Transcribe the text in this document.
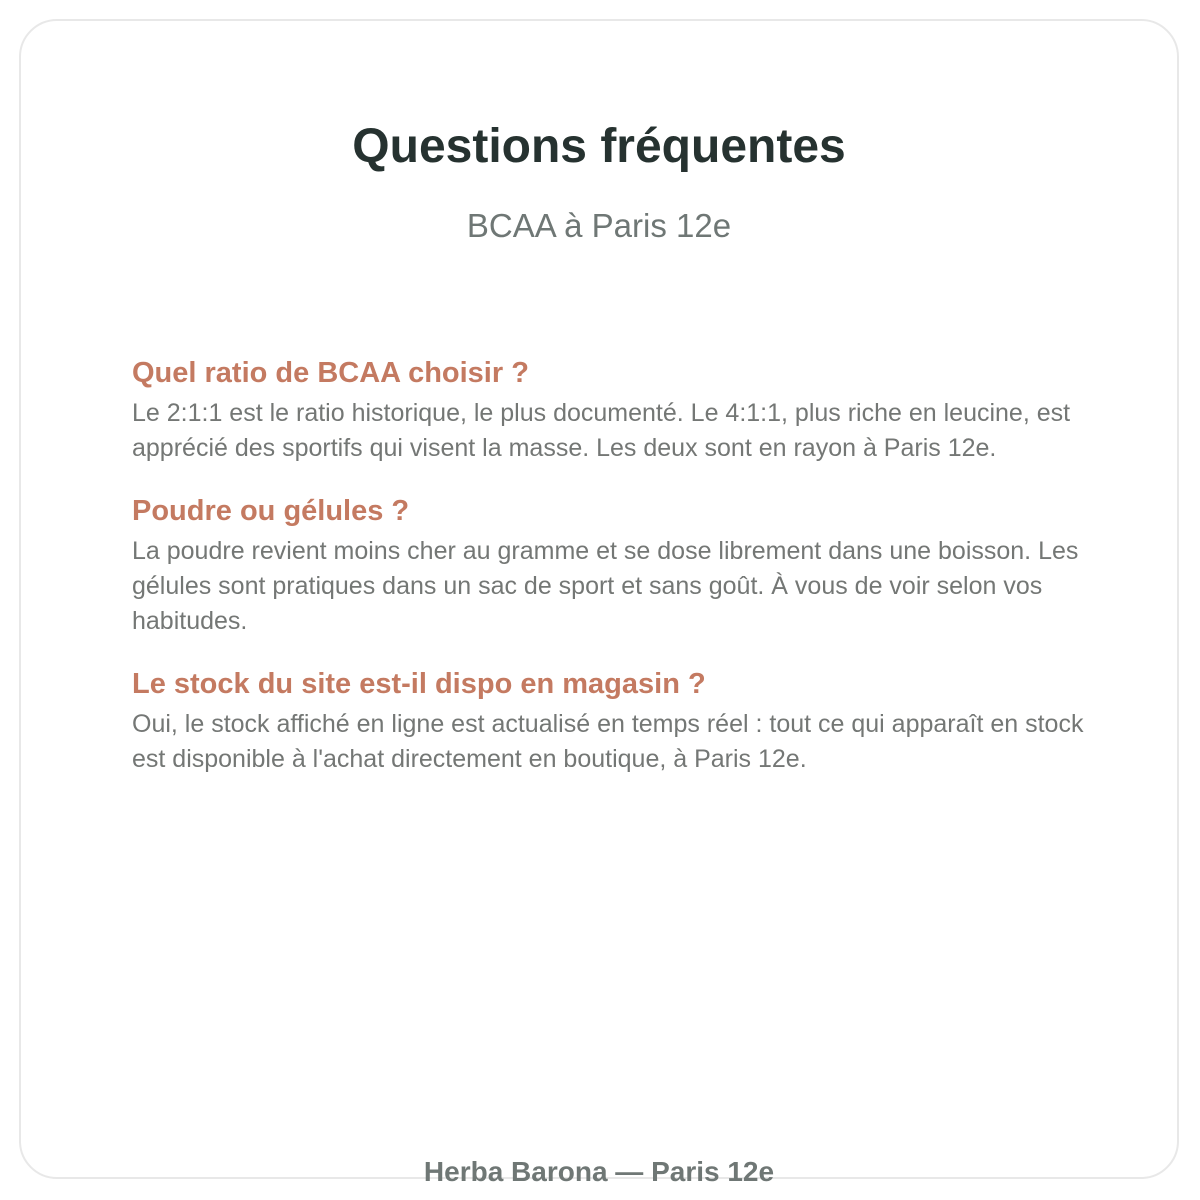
Questions fréquentes

BCAA à Paris 12e

Quel ratio de BCAA choisir ?

Le 2:1:1 est le ratio historique, le plus documenté. Le 4:1:1, plus riche en leucine, est apprécié des sportifs qui visent la masse. Les deux sont en rayon à Paris 12e.

Poudre ou gélules ?

La poudre revient moins cher au gramme et se dose librement dans une boisson. Les gélules sont pratiques dans un sac de sport et sans goût. À vous de voir selon vos habitudes.

Le stock du site est-il dispo en magasin ?

Oui, le stock affiché en ligne est actualisé en temps réel : tout ce qui apparaît en stock est disponible à l'achat directement en boutique, à Paris 12e.

Herba Barona — Paris 12e
